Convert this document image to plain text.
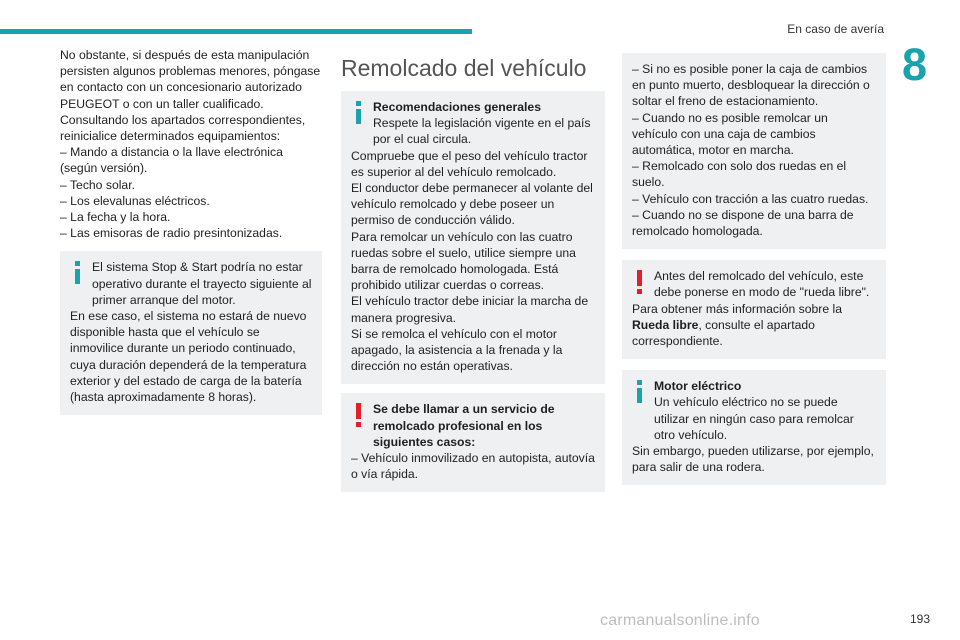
En caso de avería
8

No obstante, si después de esta manipulación persisten algunos problemas menores, póngase en contacto con un concesionario autorizado PEUGEOT o con un taller cualificado.

Consultando los apartados correspondientes, reinicialice determinados equipamientos:

– Mando a distancia o la llave electrónica (según versión).

– Techo solar.

– Los elevalunas eléctricos.

– La fecha y la hora.

– Las emisoras de radio presintonizadas.

El sistema Stop & Start podría no estar operativo durante el trayecto siguiente al primer arranque del motor.

En ese caso, el sistema no estará de nuevo disponible hasta que el vehículo se inmovilice durante un periodo continuado, cuya duración dependerá de la temperatura exterior y del estado de carga de la batería (hasta aproximadamente 8 horas).

Remolcado del vehículo

Recomendaciones generales

Respete la legislación vigente en el país por el cual circula.

Compruebe que el peso del vehículo tractor es superior al del vehículo remolcado.

El conductor debe permanecer al volante del vehículo remolcado y debe poseer un permiso de conducción válido.

Para remolcar un vehículo con las cuatro ruedas sobre el suelo, utilice siempre una barra de remolcado homologada. Está prohibido utilizar cuerdas o correas.

El vehículo tractor debe iniciar la marcha de manera progresiva.

Si se remolca el vehículo con el motor apagado, la asistencia a la frenada y la dirección no están operativas.

Se debe llamar a un servicio de remolcado profesional en los siguientes casos:

– Vehículo inmovilizado en autopista, autovía o vía rápida.

– Si no es posible poner la caja de cambios en punto muerto, desbloquear la dirección o soltar el freno de estacionamiento.

– Cuando no es posible remolcar un vehículo con una caja de cambios automática, motor en marcha.

– Remolcado con solo dos ruedas en el suelo.

– Vehículo con tracción a las cuatro ruedas.

– Cuando no se dispone de una barra de remolcado homologada.

Antes del remolcado del vehículo, este debe ponerse en modo de "rueda libre".

Para obtener más información sobre la Rueda libre, consulte el apartado correspondiente.

Motor eléctrico

Un vehículo eléctrico no se puede utilizar en ningún caso para remolcar otro vehículo.

Sin embargo, pueden utilizarse, por ejemplo, para salir de una rodera.

carmanualsonline.info	193
